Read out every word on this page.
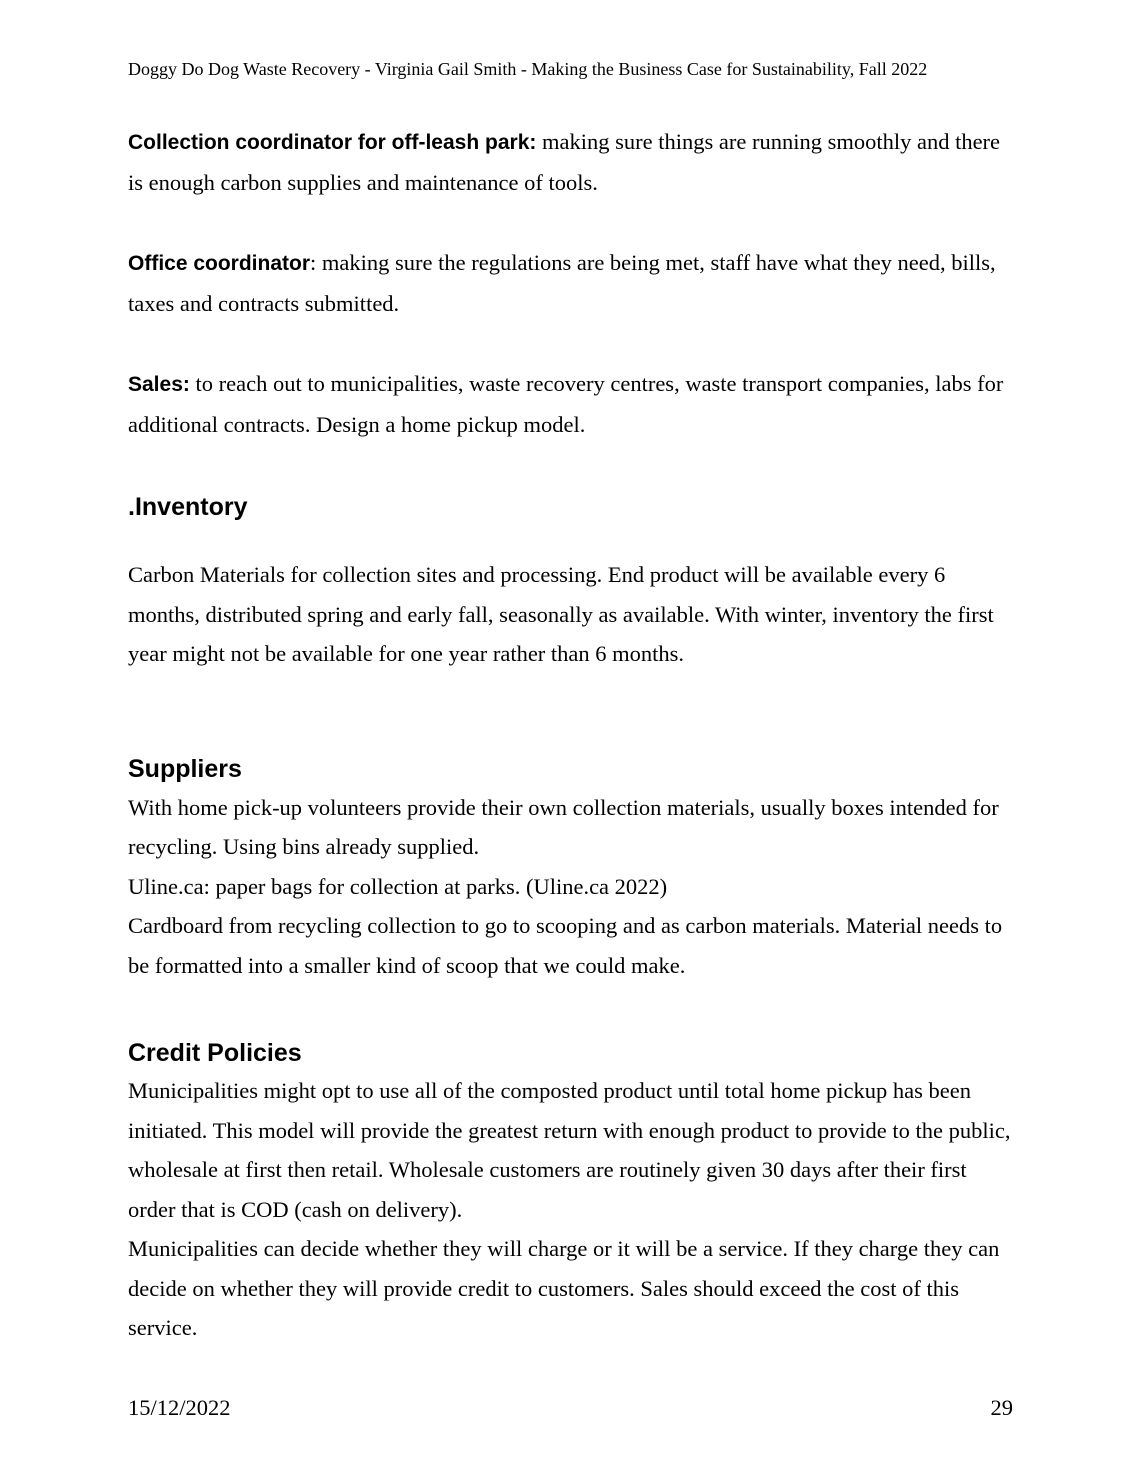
Doggy Do Dog Waste Recovery - Virginia Gail Smith - Making the Business Case for Sustainability, Fall 2022

Collection coordinator for off-leash park: making sure things are running smoothly and there is enough carbon supplies and maintenance of tools.

Office coordinator: making sure the regulations are being met, staff have what they need, bills, taxes and contracts submitted.

Sales: to reach out to municipalities, waste recovery centres, waste transport companies, labs for additional contracts. Design a home pickup model.

.Inventory

Carbon Materials for collection sites and processing. End product will be available every 6 months, distributed spring and early fall, seasonally as available. With winter, inventory the first year might not be available for one year rather than 6 months.

Suppliers

With home pick-up volunteers provide their own collection materials, usually boxes intended for recycling. Using bins already supplied.

Uline.ca: paper bags for collection at parks. (Uline.ca 2022)

Cardboard from recycling collection to go to scooping and as carbon materials. Material needs to be formatted into a smaller kind of scoop that we could make.

Credit Policies

Municipalities might opt to use all of the composted product until total home pickup has been initiated. This model will provide the greatest return with enough product to provide to the public, wholesale at first then retail. Wholesale customers are routinely given 30 days after their first order that is COD (cash on delivery).

Municipalities can decide whether they will charge or it will be a service. If they charge they can decide on whether they will provide credit to customers. Sales should exceed the cost of this service.

15/12/2022	29
